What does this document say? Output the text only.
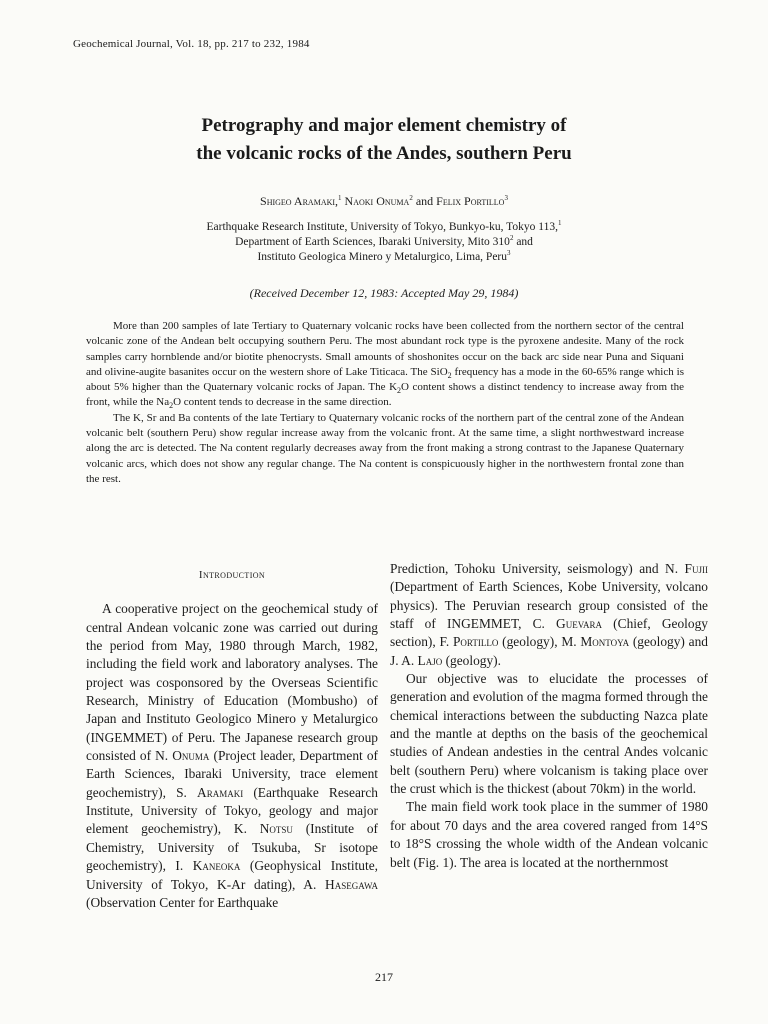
Geochemical Journal, Vol. 18, pp. 217 to 232, 1984
Petrography and major element chemistry of
the volcanic rocks of the Andes, southern Peru
Shigeo Aramaki,$^1$ Naoki Onuma$^2$ and Felix Portillo$^3$
Earthquake Research Institute, University of Tokyo, Bunkyo-ku, Tokyo 113,$^1$
Department of Earth Sciences, Ibaraki University, Mito $310^2$ and
Instituto Geologica Minero y Metalurgico, Lima, Peru$^3$
(Received December 12, 1983: Accepted May 29, 1984)

More than 200 samples of late Tertiary to Quaternary volcanic rocks have been collected from the northern sector of the central volcanic zone of the Andean belt occupying southern Peru. The most abundant rock type is the pyroxene andesite. Many of the rock samples carry hornblende and/or biotite phenocrysts. Small amounts of shoshonites occur on the back arc side near Puna and Siquani and olivine-augite basanites occur on the western shore of Lake Titicaca. The SiO$_2$ frequency has a mode in the 60-65% range which is about 5% higher than the Quaternary volcanic rocks of Japan. The $K_2O$ content shows a distinct tendency to increase away from the front, while the $Na_2O$ content tends to decrease in the same direction.

The K, Sr and Ba contents of the late Tertiary to Quaternary volcanic rocks of the northern part of the central zone of the Andean volcanic belt (southern Peru) show regular increase away from the volcanic front. At the same time, a slight northwestward increase along the arc is detected. The Na content regularly decreases away from the front making a strong contrast to the Japanese Quaternary volcanic arcs, which does not show any regular change. The Na content is conspicuously higher in the northwestern frontal zone than the rest.

Introduction

A cooperative project on the geochemical study of central Andean volcanic zone was carried out during the period from May, 1980 through March, 1982, including the field work and laboratory analyses. The project was cosponsored by the Overseas Scientific Research, Ministry of Education (Mombusho) of Japan and Instituto Geologico Minero y Metalurgico (INGEMMET) of Peru. The Japanese research group consisted of N. Onuma (Project leader, Department of Earth Sciences, Ibaraki University, trace element geochemistry), S. Aramaki (Earthquake Research Institute, University of Tokyo, geology and major element geochemistry), K. Notsu (Institute of Chemistry, University of Tsukuba, Sr isotope geochemistry), I. Kaneoka (Geophysical Institute, University of Tokyo, K-Ar dating), A. Hasegawa (Observation Center for Earthquake

Prediction, Tohoku University, seismology) and N. Fujii (Department of Earth Sciences, Kobe University, volcano physics). The Peruvian research group consisted of the staff of INGEMMET, C. Guevara (Chief, Geology section), F. Portillo (geology), M. Montoya (geology) and J. A. Lajo (geology).

Our objective was to elucidate the processes of generation and evolution of the magma formed through the chemical interactions between the subducting Nazca plate and the mantle at depths on the basis of the geochemical studies of Andean andesties in the central Andes volcanic belt (southern Peru) where volcanism is taking place over the crust which is the thickest (about 70km) in the world.

The main field work took place in the summer of 1980 for about 70 days and the area covered ranged from 14°S to 18°S crossing the whole width of the Andean volcanic belt (Fig. 1). The area is located at the northernmost

217
